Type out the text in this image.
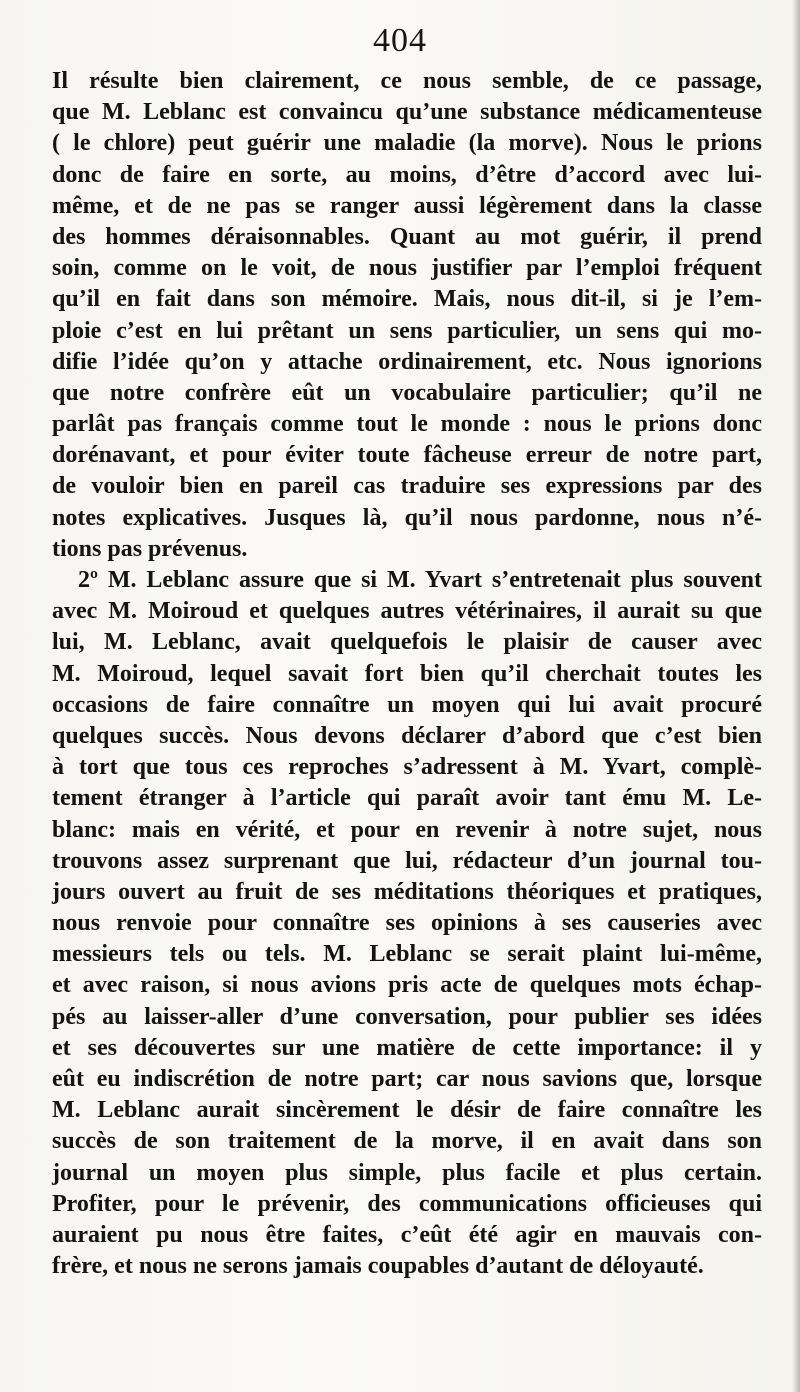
404
Il résulte bien clairement, ce nous semble, de ce passage,
que M. Leblanc est convaincu qu’une substance médicamenteuse
( le chlore) peut guérir une maladie (la morve). Nous le prions
donc de faire en sorte, au moins, d’être d’accord avec lui-
même, et de ne pas se ranger aussi légèrement dans la classe
des hommes déraisonnables. Quant au mot guérir, il prend
soin, comme on le voit, de nous justifier par l’emploi fréquent
qu’il en fait dans son mémoire. Mais, nous dit-il, si je l’em-
ploie c’est en lui prêtant un sens particulier, un sens qui mo-
difie l’idée qu’on y attache ordinairement, etc. Nous ignorions
que notre confrère eût un vocabulaire particulier; qu’il ne
parlât pas français comme tout le monde : nous le prions donc
dorénavant, et pour éviter toute fâcheuse erreur de notre part,
de vouloir bien en pareil cas traduire ses expressions par des
notes explicatives. Jusques là, qu’il nous pardonne, nous n’é-
tions pas prévenus.
2º M. Leblanc assure que si M. Yvart s’entretenait plus souvent
avec M. Moiroud et quelques autres vétérinaires, il aurait su que
lui, M. Leblanc, avait quelquefois le plaisir de causer avec
M. Moiroud, lequel savait fort bien qu’il cherchait toutes les
occasions de faire connaître un moyen qui lui avait procuré
quelques succès. Nous devons déclarer d’abord que c’est bien
à tort que tous ces reproches s’adressent à M. Yvart, complè-
tement étranger à l’article qui paraît avoir tant ému M. Le-
blanc: mais en vérité, et pour en revenir à notre sujet, nous
trouvons assez surprenant que lui, rédacteur d’un journal tou-
jours ouvert au fruit de ses méditations théoriques et pratiques,
nous renvoie pour connaître ses opinions à ses causeries avec
messieurs tels ou tels. M. Leblanc se serait plaint lui-même,
et avec raison, si nous avions pris acte de quelques mots échap-
pés au laisser-aller d’une conversation, pour publier ses idées
et ses découvertes sur une matière de cette importance: il y
eût eu indiscrétion de notre part; car nous savions que, lorsque
M. Leblanc aurait sincèrement le désir de faire connaître les
succès de son traitement de la morve, il en avait dans son
journal un moyen plus simple, plus facile et plus certain.
Profiter, pour le prévenir, des communications officieuses qui
auraient pu nous être faites, c’eût été agir en mauvais con-
frère, et nous ne serons jamais coupables d’autant de déloyauté.
